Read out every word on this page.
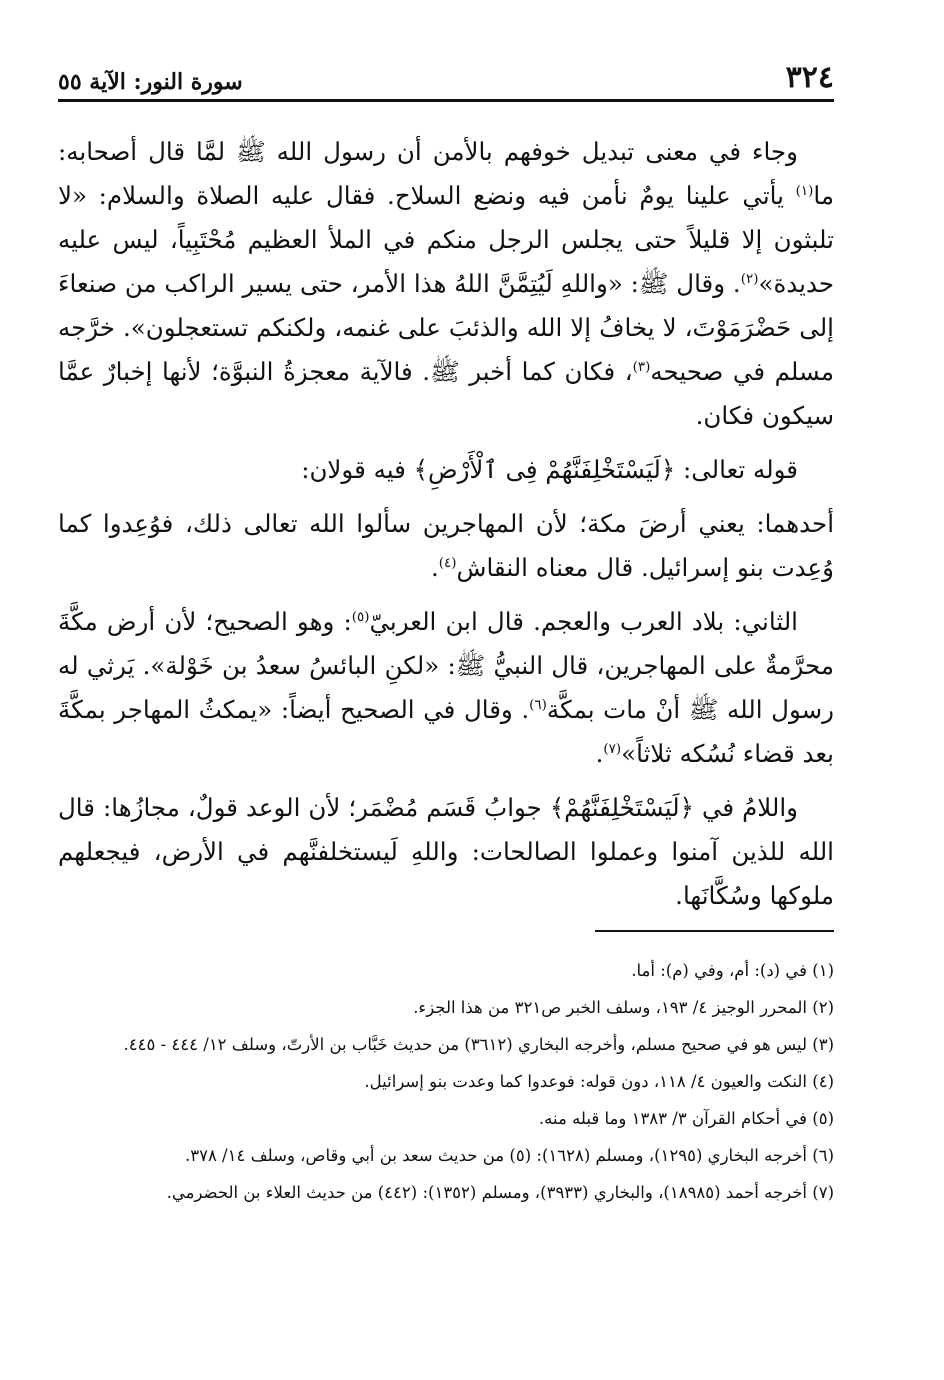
٣٢٤
سورة النور: الآية ٥٥

وجاء في معنى تبديل خوفهم بالأمن أن رسول الله ﷺ لمَّا قال أصحابه: ما$^{(١)}$ يأتي علينا يومٌ نأمن فيه ونضع السلاح. فقال عليه الصلاة والسلام: «لا تلبثون إلا قليلاً حتى يجلس الرجل منكم في الملأ العظيم مُحْتَبِياً، ليس عليه حديدة»$^{(٢)}$. وقال ﷺ: «واللهِ لَيُتِمَّنَّ اللهُ هذا الأمر، حتى يسير الراكب من صنعاءَ إلى حَضْرَمَوْتَ، لا يخافُ إلا الله والذئبَ على غنمه، ولكنكم تستعجلون». خرَّجه مسلم في صحيحه$^{(٣)}$، فكان كما أخبر ﷺ. فالآية معجزةُ النبوَّة؛ لأنها إخبارٌ عمَّا سيكون فكان.

قوله تعالى: ﴿لَيَسْتَخْلِفَنَّهُمْ فِى ٱلْأَرْضِ﴾ فيه قولان:

أحدهما: يعني أرضَ مكة؛ لأن المهاجرين سألوا الله تعالى ذلك، فوُعِدوا كما وُعِدت بنو إسرائيل. قال معناه النقاش$^{(٤)}$.

الثاني: بلاد العرب والعجم. قال ابن العربيّ$^{(٥)}$: وهو الصحيح؛ لأن أرض مكَّةَ محرَّمةٌ على المهاجرين، قال النبيُّ ﷺ: «لكنِ البائسُ سعدُ بن خَوْلة». يَرثي له رسول الله ﷺ أنْ مات بمكَّة$^{(٦)}$. وقال في الصحيح أيضاً: «يمكثُ المهاجر بمكَّةَ بعد قضاء نُسُكه ثلاثاً»$^{(٧)}$.

واللامُ في ﴿لَيَسْتَخْلِفَنَّهُمْ﴾ جوابُ قَسَم مُضْمَر؛ لأن الوعد قولٌ، مجازُها: قال الله للذين آمنوا وعملوا الصالحات: واللهِ لَيستخلفنَّهم في الأرض، فيجعلهم ملوكها وسُكَّانَها.

(١) في (د): أم، وفي (م): أما.
(٢) المحرر الوجيز ٤/ ١٩٣، وسلف الخبر ص٣٢١ من هذا الجزء.
(٣) ليس هو في صحيح مسلم، وأخرجه البخاري (٣٦١٢) من حديث خَبَّاب بن الأرتّ، وسلف ١٢/ ٤٤٤ - ٤٤٥.
(٤) النكت والعيون ٤/ ١١٨، دون قوله: فوعدوا كما وعدت بنو إسرائيل.
(٥) في أحكام القرآن ٣/ ١٣٨٣ وما قبله منه.
(٦) أخرجه البخاري (١٢٩٥)، ومسلم (١٦٢٨): (٥) من حديث سعد بن أبي وقاص، وسلف ١٤/ ٣٧٨.
(٧) أخرجه أحمد (١٨٩٨٥)، والبخاري (٣٩٣٣)، ومسلم (١٣٥٢): (٤٤٢) من حديث العلاء بن الحضرمي.
